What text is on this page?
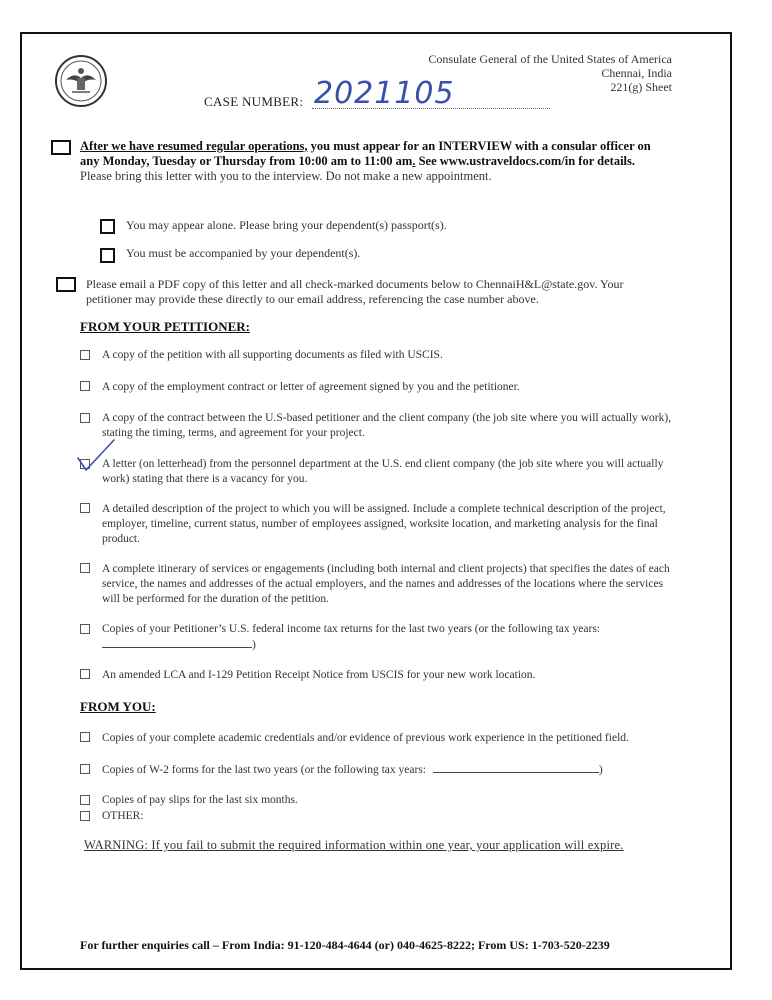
Consulate General of the United States of America
Chennai, India
221(g) Sheet
CASE NUMBER: 2021105
After we have resumed regular operations, you must appear for an INTERVIEW with a consular officer on any Monday, Tuesday or Thursday from 10:00 am to 11:00 am. See www.ustraveldocs.com/in for details. Please bring this letter with you to the interview. Do not make a new appointment.
You may appear alone. Please bring your dependent(s) passport(s).
You must be accompanied by your dependent(s).
Please email a PDF copy of this letter and all check-marked documents below to ChennaiH&L@state.gov. Your petitioner may provide these directly to our email address, referencing the case number above.
FROM YOUR PETITIONER:
A copy of the petition with all supporting documents as filed with USCIS.
A copy of the employment contract or letter of agreement signed by you and the petitioner.
A copy of the contract between the U.S-based petitioner and the client company (the job site where you will actually work), stating the timing, terms, and agreement for your project.
A letter (on letterhead) from the personnel department at the U.S. end client company (the job site where you will actually work) stating that there is a vacancy for you.
A detailed description of the project to which you will be assigned. Include a complete technical description of the project, employer, timeline, current status, number of employees assigned, worksite location, and marketing analysis for the final product.
A complete itinerary of services or engagements (including both internal and client projects) that specifies the dates of each service, the names and addresses of the actual employers, and the names and addresses of the locations where the services will be performed for the duration of the petition.
Copies of your Petitioner’s U.S. federal income tax returns for the last two years (or the following tax years: )
An amended LCA and I-129 Petition Receipt Notice from USCIS for your new work location.
FROM YOU:
Copies of your complete academic credentials and/or evidence of previous work experience in the petitioned field.
Copies of W-2 forms for the last two years (or the following tax years:	)
Copies of pay slips for the last six months.
OTHER:
WARNING: If you fail to submit the required information within one year, your application will expire.
For further enquiries call – From India: 91-120-484-4644 (or) 040-4625-8222; From US: 1-703-520-2239
